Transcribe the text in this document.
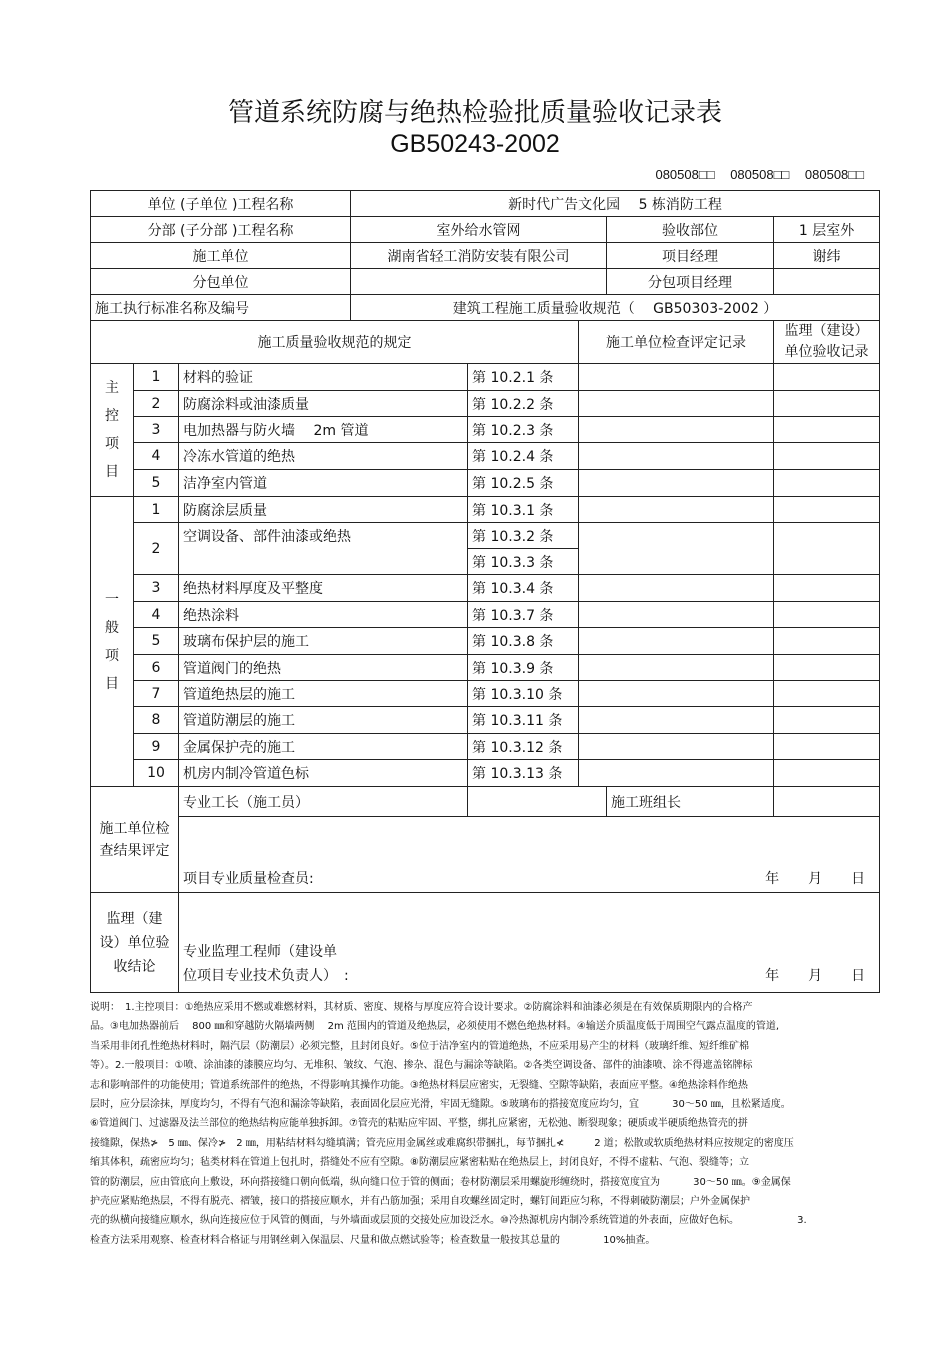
管道系统防腐与绝热检验批质量验收记录表
GB50243-2002
080508□□ 080508□□ 080508□□
单位 (子单位 )工程名称			新时代广告文化园　 5 栋消防工程				
分部 (子分部 )工程名称			室外给水管网			验收部位	1 层室外
施工单位			湖南省轻工消防安装有限公司			项目经理	谢纬
分包单位						分包项目经理	
施工执行标准名称及编号			建筑工程施工质量验收规范（　 GB50303-2002 ）				
施工质量验收规范的规定					施工单位检查评定记录		监理（建设）单位验收记录

主
控
项
目	1	材料的验证		第 10.2.1 条			
	2	防腐涂料或油漆质量		第 10.2.2 条			
	3	电加热器与防火墙　 2m 管道		第 10.2.3 条			
	4	冷冻水管道的绝热		第 10.2.4 条			
	5	洁净室内管道		第 10.2.5 条			

一
般
项
目	1	防腐涂层质量		第 10.3.1 条			
	2	空调设备、部件油漆或绝热		第 10.3.2 条			
				第 10.3.3 条			
	3	绝热材料厚度及平整度		第 10.3.4 条			
	4	绝热涂料		第 10.3.7 条			
	5	玻璃布保护层的施工		第 10.3.8 条			
	6	管道阀门的绝热		第 10.3.9 条			
	7	管道绝热层的施工		第 10.3.10 条			
	8	管道防潮层的施工		第 10.3.11 条			
	9	金属保护壳的施工		第 10.3.12 条			
	10	机房内制冷管道色标		第 10.3.13 条			
施工单位检查结果评定		专业工长（施工员）				施工班组长	
		项目专业质量检查员: 年 月 日					

监理（建设）单位验收结论		专业监理工程师（建设单
位项目专业技术负责人）　: 年 月 日					
说明：　1.主控项目：①绝热应采用不燃或难燃材料，其材质、密度、规格与厚度应符合设计要求。②防腐涂料和油漆必须是在有效保质期限内的合格产
品。③电加热器前后　 800 ㎜和穿越防火隔墙两侧　 2m 范围内的管道及绝热层，必须使用不燃色绝热材料。④输送介质温度低于周围空气露点温度的管道,
当采用非闭孔性绝热材料时，隔汽层（防潮层）必须完整，且封闭良好。⑤位于洁净室内的管道绝热，不应采用易产尘的材料（玻璃纤维、短纤维矿棉
等）。2.一般项目：①喷、涂油漆的漆膜应均匀、无堆积、皱纹、气泡、掺杂、混色与漏涂等缺陷。②各类空调设备、部件的油漆喷、涂不得遮盖铭牌标
志和影响部件的功能使用；管道系统部件的绝热，不得影响其操作功能。③绝热材料层应密实，无裂缝、空隙等缺陷，表面应平整。④绝热涂料作绝热
层时，应分层涂抹，厚度均匀，不得有气泡和漏涂等缺陷，表面固化层应光滑，牢固无缝隙。⑤玻璃布的搭接宽度应均匀，宜　　　 30～50 ㎜，且松紧适度。
⑥管道阀门、过滤器及法兰部位的绝热结构应能单独拆卸。⑦管壳的粘贴应牢固、平整，绑扎应紧密，无松弛、断裂现象；硬质或半硬质绝热管壳的拼
接缝隙，保热≯　5 ㎜、保冷≯　2 ㎜，用粘结材料勾缝填满；管壳应用金属丝或难腐织带捆扎，每节捆扎≮　　　2 道；松散或软质绝热材料应按规定的密度压
缩其体积，疏密应均匀；毡类材料在管道上包扎时，搭缝处不应有空隙。⑧防潮层应紧密粘贴在绝热层上，封闭良好，不得不虚粘、气泡、裂缝等；立
管的防潮层，应由管底向上敷设，环向搭接缝口朝向低端，纵向缝口位于管的侧面；卷材防潮层采用螺旋形缠绕时，搭接宽度宜为　　　 30～50 ㎜。⑨金属保
护壳应紧贴绝热层，不得有脱壳、褶皱，接口的搭接应顺水，并有凸筋加强；采用自攻螺丝固定时，螺钉间距应匀称，不得刺破防潮层；户外金属保护
壳的纵横向接缝应顺水，纵向连接应位于风管的侧面，与外墙面或层顶的交接处应加设泛水。⑩冷热源机房内制冷系统管道的外表面，应做好色标。　　　　　　 3.
检查方法采用观察、检查材料合格证与用钢丝刺入保温层、尺量和做点燃试验等；检查数量一般按其总量的　　　　 10%抽查。
